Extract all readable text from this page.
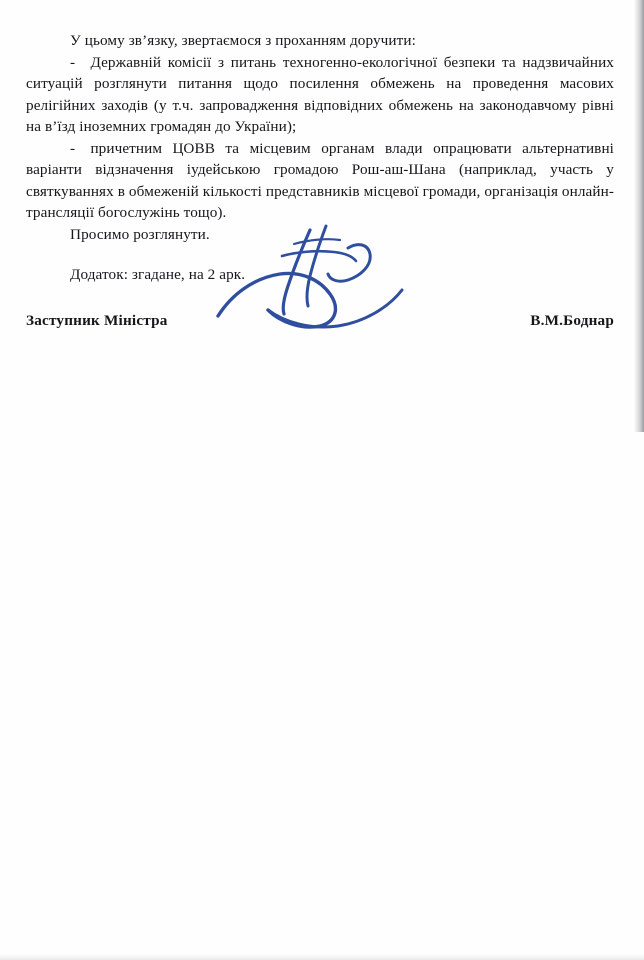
У цьому зв’язку, звертаємося з проханням доручити:

- Державній комісії з питань техногенно-екологічної безпеки та надзвичайних ситуацій розглянути питання щодо посилення обмежень на проведення масових релігійних заходів (у т.ч. запровадження відповідних обмежень на законодавчому рівні на в’їзд іноземних громадян до України);

- причетним ЦОВВ та місцевим органам влади опрацювати альтернативні варіанти відзначення іудейською громадою Рош-аш-Шана (наприклад, участь у святкуваннях в обмеженій кількості представників місцевої громади, організація онлайн-трансляції богослужінь тощо).

Просимо розглянути.

Додаток: згадане, на 2 арк.

Заступник Міністра	В.М.Боднар
